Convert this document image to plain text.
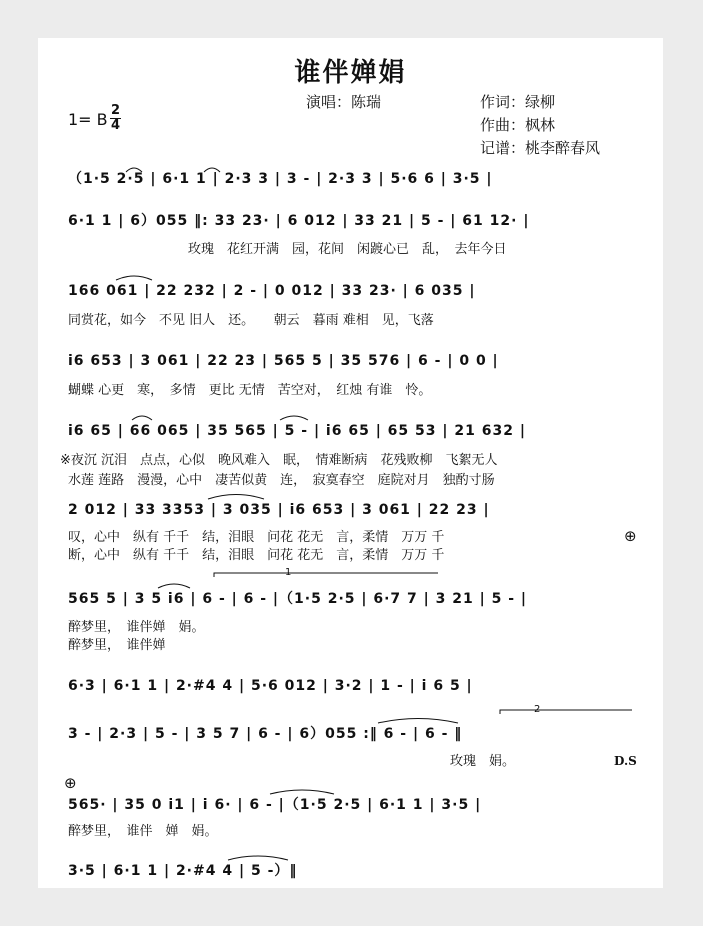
谁伴婵娟
演唱：陈瑞	作词：绿柳
作曲：枫林
记谱：桃李醉春风
1= B 2
4
（1·5 2·5 | 6·1 1 | 2·3 3 | 3 - | 2·3 3 | 5·6 6 | 3·5 |
6·1 1 | 6）055 ‖: 33 23· | 6 012 | 33 21 | 5 - | 61 12· |
玫瑰　花红开满　园，花间　闲踱心已　乱，　去年今日
166 061 | 22 232 | 2 - | 0 012 | 33 23· | 6 035 |
同赏花，如今　不见 旧人　还。　　朝云　暮雨 难相　见，飞落
i6 653 | 3 061 | 22 23 | 565 5 | 35 576 | 6 - | 0 0 |
蝴蝶 心更　寒，　多情　更比 无情　苦空对，　红烛 有谁　怜。
i6 65 | 66 065 | 35 565 | 5 - | i6 65 | 65 53 | 21 632 |
※夜沉 沉泪　点点，心似　晚风难入　眠，　情难断病　花残败柳　飞絮无人
水莲 莲路　漫漫，心中　凄苦似黄　连，　寂寞春空　庭院对月　独酌寸肠
2 012 | 33 3353 | 3 035 | i6 653 | 3 061 | 22 23 |
叹，心中　纵有 千千　结，泪眼　问花 花无　言，柔情　万万 千
断，心中　纵有 千千　结，泪眼　问花 花无　言，柔情　万万 千
⊕
565 5 | 3 5 i6 | 6 - | 6 - |（1·5 2·5 | 6·7 7 | 3 21 | 5 - |
醉梦里，　谁伴婵　娟。
醉梦里，　谁伴婵
6·3 | 6·1 1 | 2·#4 4 | 5·6 012 | 3·2 | 1 - | i 6 5 |
3 - | 2·3 | 5 - | 3 5 7 | 6 - | 6）055 :‖ 6 - | 6 - ‖
玫瑰　娟。	D.S
⊕
565· | 35 0 i1 | i 6· | 6 - |（1·5 2·5 | 6·1 1 | 3·5 |
醉梦里，　谁伴　婵　娟。
3·5 | 6·1 1 | 2·#4 4 | 5 -）‖
1
2
